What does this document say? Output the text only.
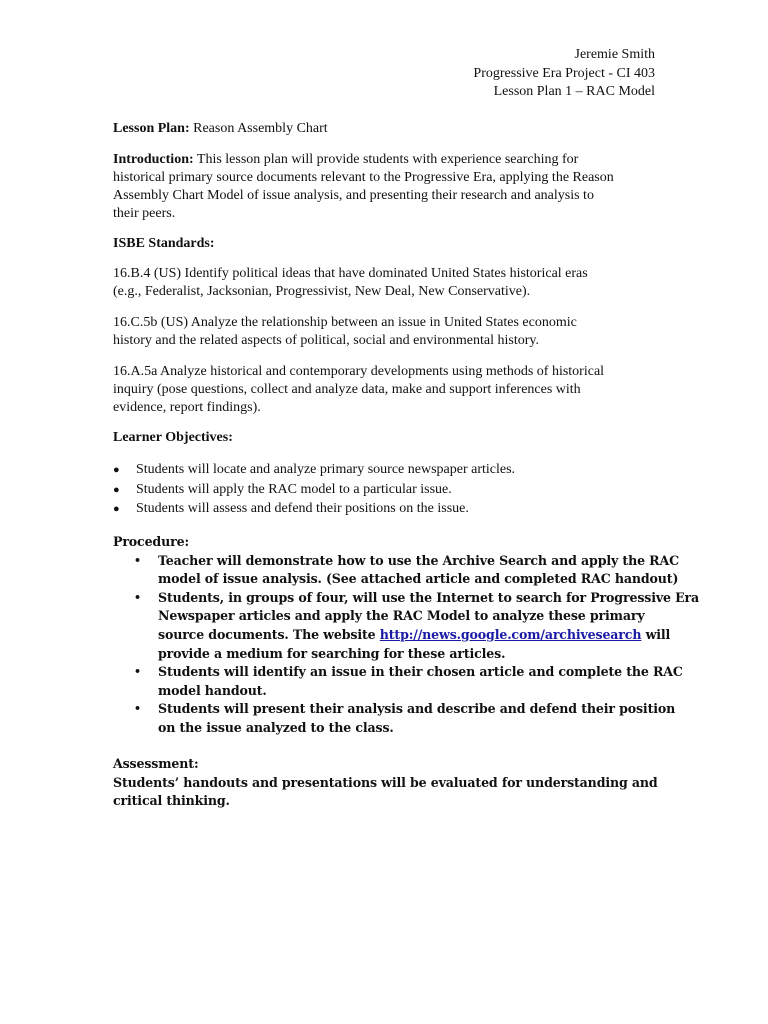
Jeremie Smith
Progressive Era Project - CI 403
Lesson Plan 1 – RAC Model
Lesson Plan: Reason Assembly Chart
Introduction: This lesson plan will provide students with experience searching for
historical primary source documents relevant to the Progressive Era, applying the Reason
Assembly Chart Model of issue analysis, and presenting their research and analysis to
their peers.
ISBE Standards:
16.B.4 (US) Identify political ideas that have dominated United States historical eras
(e.g., Federalist, Jacksonian, Progressivist, New Deal, New Conservative).
16.C.5b (US) Analyze the relationship between an issue in United States economic
history and the related aspects of political, social and environmental history.
16.A.5a Analyze historical and contemporary developments using methods of historical
inquiry (pose questions, collect and analyze data, make and support inferences with
evidence, report findings).
Learner Objectives:
● Students will locate and analyze primary source newspaper articles.
● Students will apply the RAC model to a particular issue.
● Students will assess and defend their positions on the issue.
Procedure:
• Teacher will demonstrate how to use the Archive Search and apply the RAC
model of issue analysis. (See attached article and completed RAC handout)
• Students, in groups of four, will use the Internet to search for Progressive Era
Newspaper articles and apply the RAC Model to analyze these primary
source documents. The website http://news.google.com/archivesearch will
provide a medium for searching for these articles.
• Students will identify an issue in their chosen article and complete the RAC
model handout.
• Students will present their analysis and describe and defend their position
on the issue analyzed to the class.
Assessment:
Students’ handouts and presentations will be evaluated for understanding and
critical thinking.
